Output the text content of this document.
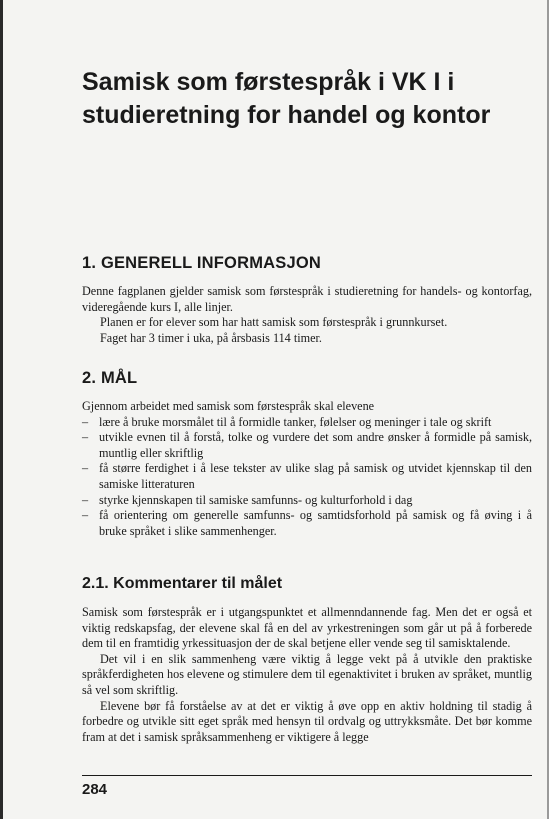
Samisk som førstespråk i VK I i studieretning for handel og kontor
1. GENERELL INFORMASJON

Denne fagplanen gjelder samisk som førstespråk i studieretning for handels- og kontorfag, videregående kurs I, alle linjer.

Planen er for elever som har hatt samisk som førstespråk i grunnkurset.

Faget har 3 timer i uka, på årsbasis 114 timer.

2. MÅL

Gjennom arbeidet med samisk som førstespråk skal elevene

– lære å bruke morsmålet til å formidle tanker, følelser og meninger i tale og skrift
– utvikle evnen til å forstå, tolke og vurdere det som andre ønsker å formidle på samisk, muntlig eller skriftlig
– få større ferdighet i å lese tekster av ulike slag på samisk og utvidet kjennskap til den samiske litteraturen
– styrke kjennskapen til samiske samfunns- og kulturforhold i dag
– få orientering om generelle samfunns- og samtidsforhold på samisk og få øving i å bruke språket i slike sammenhenger.
2.1. Kommentarer til målet

Samisk som førstespråk er i utgangspunktet et allmenndannende fag. Men det er også et viktig redskapsfag, der elevene skal få en del av yrkestreningen som går ut på å forberede dem til en framtidig yrkessituasjon der de skal betjene eller vende seg til samisktalende.

Det vil i en slik sammenheng være viktig å legge vekt på å utvikle den praktiske språkferdigheten hos elevene og stimulere dem til egenaktivitet i bruken av språket, muntlig så vel som skriftlig.

Elevene bør få forståelse av at det er viktig å øve opp en aktiv holdning til stadig å forbedre og utvikle sitt eget språk med hensyn til ordvalg og uttrykksmåte. Det bør komme fram at det i samisk språksammenheng er viktigere å legge

284
